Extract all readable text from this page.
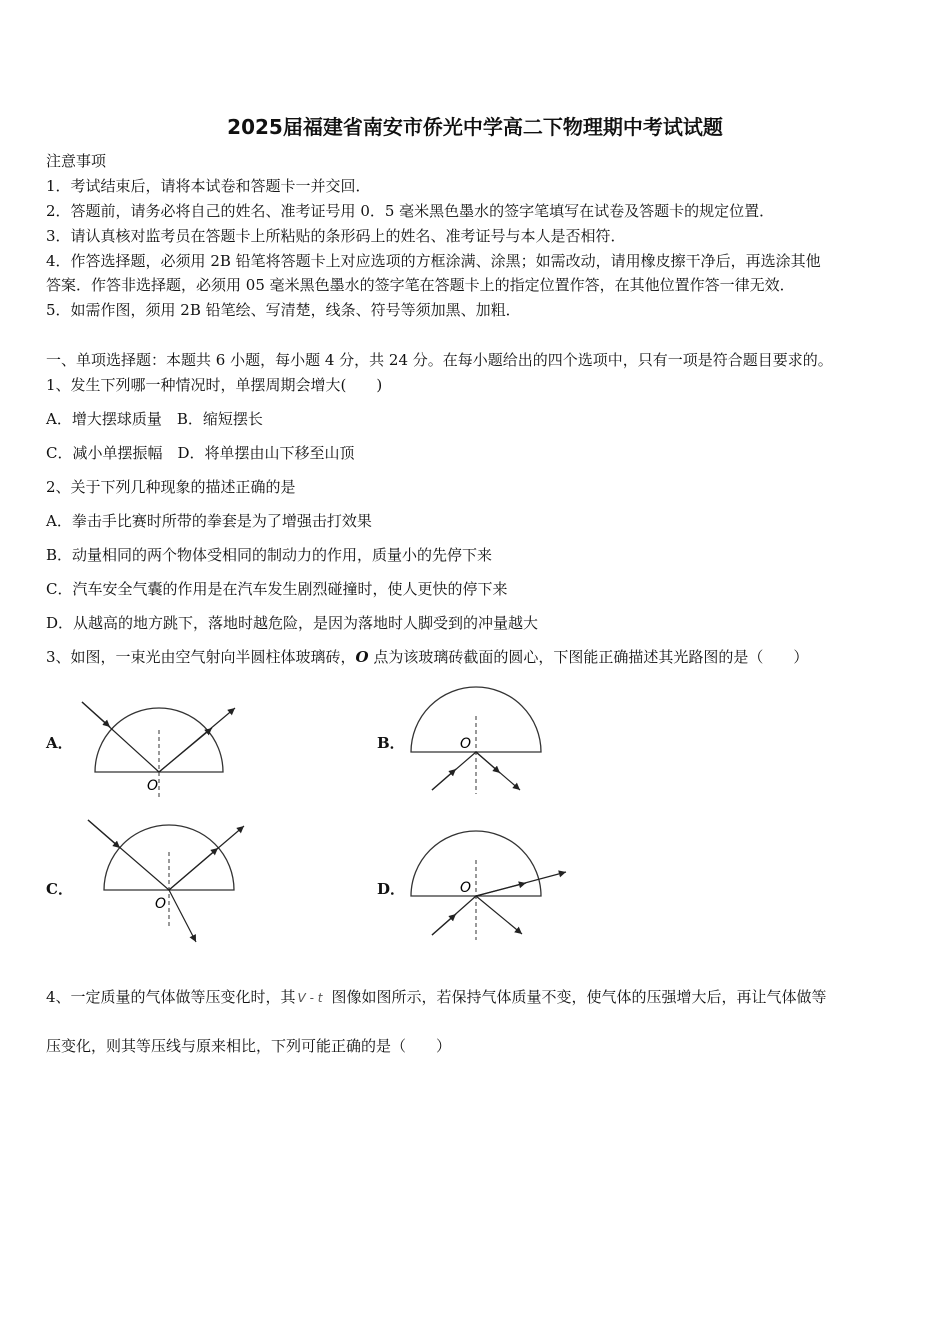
2025届福建省南安市侨光中学高二下物理期中考试试题
注意事项
1．考试结束后，请将本试卷和答题卡一并交回．
2．答题前，请务必将自己的姓名、准考证号用 0．5 毫米黑色墨水的签字笔填写在试卷及答题卡的规定位置．
3．请认真核对监考员在答题卡上所粘贴的条形码上的姓名、准考证号与本人是否相符．
4．作答选择题，必须用 2B 铅笔将答题卡上对应选项的方框涂满、涂黑；如需改动，请用橡皮擦干净后，再选涂其他
答案．作答非选择题，必须用 05 毫米黑色墨水的签字笔在答题卡上的指定位置作答，在其他位置作答一律无效．
5．如需作图，须用 2B 铅笔绘、写清楚，线条、符号等须加黑、加粗．
一、单项选择题：本题共 6 小题，每小题 4 分，共 24 分。在每小题给出的四个选项中，只有一项是符合题目要求的。
1、发生下列哪一种情况时，单摆周期会增大(　　)
A．增大摆球质量　B．缩短摆长
C．减小单摆振幅　D．将单摆由山下移至山顶
2、关于下列几种现象的描述正确的是
A．拳击手比赛时所带的拳套是为了增强击打效果
B．动量相同的两个物体受相同的制动力的作用，质量小的先停下来
C．汽车安全气囊的作用是在汽车发生剧烈碰撞时，使人更快的停下来
D．从越高的地方跳下，落地时越危险，是因为落地时人脚受到的冲量越大
3、如图，一束光由空气射向半圆柱体玻璃砖，O 点为该玻璃砖截面的圆心，下图能正确描述其光路图的是（　　）
A．	B．
C．	D．
O
O
O
O
4、一定质量的气体做等压变化时，其 V - t 图像如图所示，若保持气体质量不变，使气体的压强增大后，再让气体做等
压变化，则其等压线与原来相比，下列可能正确的是（　　）
